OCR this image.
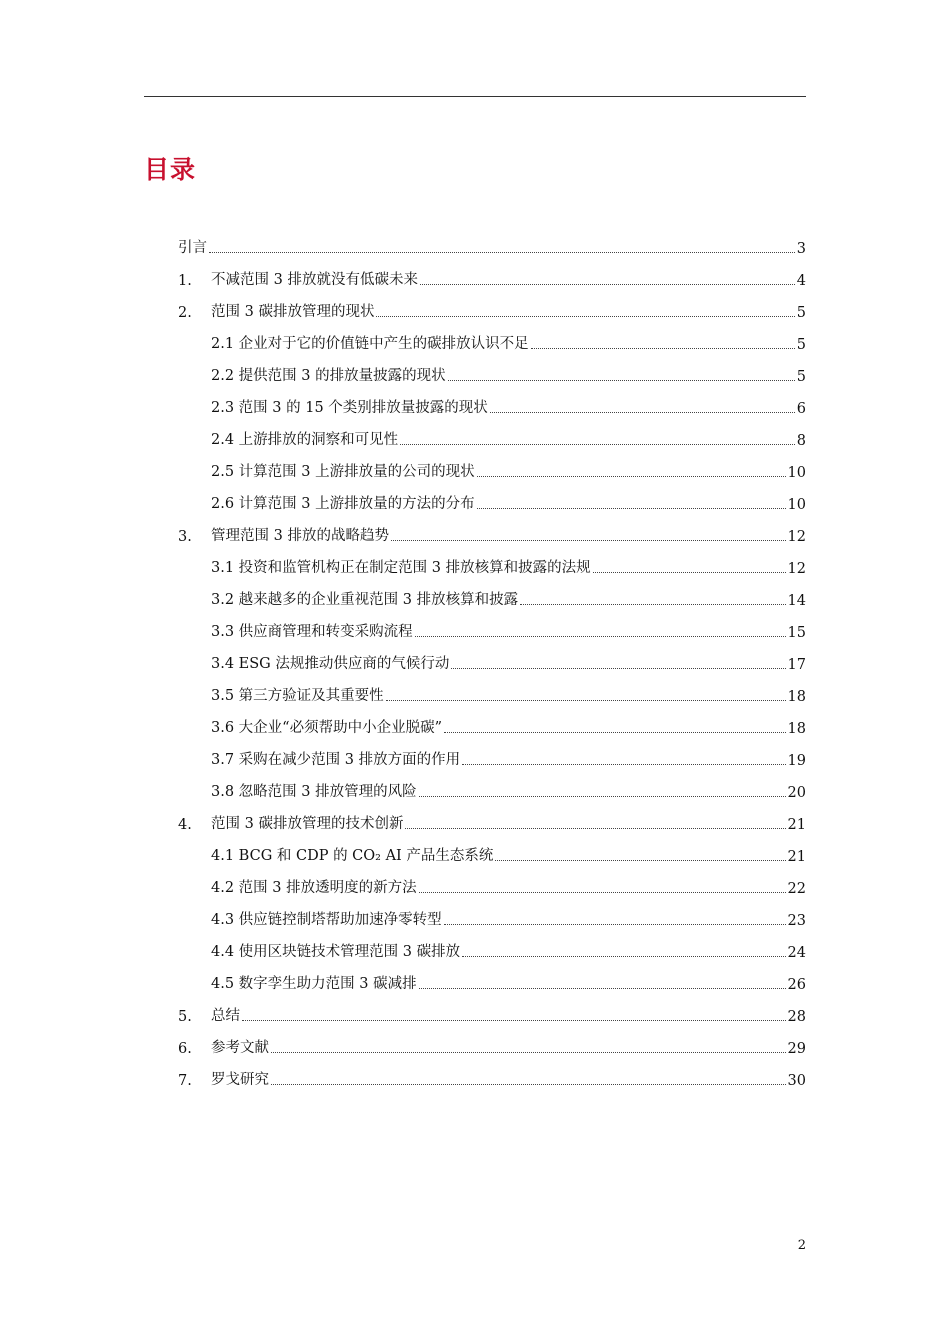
目录
引言	3
1. 不减范围 3 排放就没有低碳未来	4
2. 范围 3 碳排放管理的现状	5
2.1 企业对于它的价值链中产生的碳排放认识不足	5
2.2 提供范围 3 的排放量披露的现状	5
2.3 范围 3 的 15 个类别排放量披露的现状	6
2.4 上游排放的洞察和可见性	8
2.5 计算范围 3 上游排放量的公司的现状	10
2.6 计算范围 3 上游排放量的方法的分布	10
3. 管理范围 3 排放的战略趋势	12
3.1 投资和监管机构正在制定范围 3 排放核算和披露的法规	12
3.2 越来越多的企业重视范围 3 排放核算和披露	14
3.3 供应商管理和转变采购流程	15
3.4 ESG 法规推动供应商的气候行动	17
3.5 第三方验证及其重要性	18
3.6 大企业“必须帮助中小企业脱碳”	18
3.7 采购在减少范围 3 排放方面的作用	19
3.8 忽略范围 3 排放管理的风险	20
4. 范围 3 碳排放管理的技术创新	21
4.1 BCG 和 CDP 的 CO₂ AI 产品生态系统	21
4.2 范围 3 排放透明度的新方法	22
4.3 供应链控制塔帮助加速净零转型	23
4.4 使用区块链技术管理范围 3 碳排放	24
4.5 数字孪生助力范围 3 碳减排	26
5. 总结	28
6. 参考文献	29
7. 罗戈研究	30
2
